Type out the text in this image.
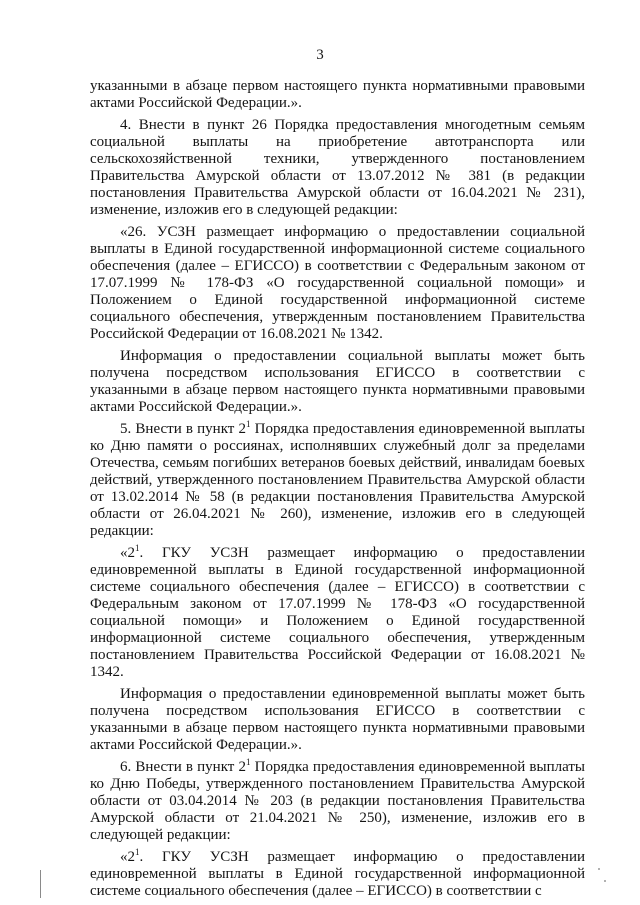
3

указанными в абзаце первом настоящего пункта нормативными правовыми актами Российской Федерации.».

4. Внести в пункт 26 Порядка предоставления многодетным семьям социальной выплаты на приобретение автотранспорта или сельскохозяйственной техники, утвержденного постановлением Правительства Амурской области от 13.07.2012 № 381 (в редакции постановления Правительства Амурской области от 16.04.2021 № 231), изменение, изложив его в следующей редакции:

«26. УСЗН размещает информацию о предоставлении социальной выплаты в Единой государственной информационной системе социального обеспечения (далее – ЕГИССО) в соответствии с Федеральным законом от 17.07.1999 № 178-ФЗ «О государственной социальной помощи» и Положением о Единой государственной информационной системе социального обеспечения, утвержденным постановлением Правительства Российской Федерации от 16.08.2021 № 1342.

Информация о предоставлении социальной выплаты может быть получена посредством использования ЕГИССО в соответствии с указанными в абзаце первом настоящего пункта нормативными правовыми актами Российской Федерации.».

5. Внести в пункт $2^1$ Порядка предоставления единовременной выплаты ко Дню памяти о россиянах, исполнявших служебный долг за пределами Отечества, семьям погибших ветеранов боевых действий, инвалидам боевых действий, утвержденного постановлением Правительства Амурской области от 13.02.2014 № 58 (в редакции постановления Правительства Амурской области от 26.04.2021 № 260), изменение, изложив его в следующей редакции:

«$2^1$. ГКУ УСЗН размещает информацию о предоставлении единовременной выплаты в Единой государственной информационной системе социального обеспечения (далее – ЕГИССО) в соответствии с Федеральным законом от 17.07.1999 № 178-ФЗ «О государственной социальной помощи» и Положением о Единой государственной информационной системе социального обеспечения, утвержденным постановлением Правительства Российской Федерации от 16.08.2021 № 1342.

Информация о предоставлении единовременной выплаты может быть получена посредством использования ЕГИССО в соответствии с указанными в абзаце первом настоящего пункта нормативными правовыми актами Российской Федерации.».

6. Внести в пункт $2^1$ Порядка предоставления единовременной выплаты ко Дню Победы, утвержденного постановлением Правительства Амурской области от 03.04.2014 № 203 (в редакции постановления Правительства Амурской области от 21.04.2021 № 250), изменение, изложив его в следующей редакции:

«$2^1$. ГКУ УСЗН размещает информацию о предоставлении единовременной выплаты в Единой государственной информационной системе социального обеспечения (далее – ЕГИССО) в соответствии с
